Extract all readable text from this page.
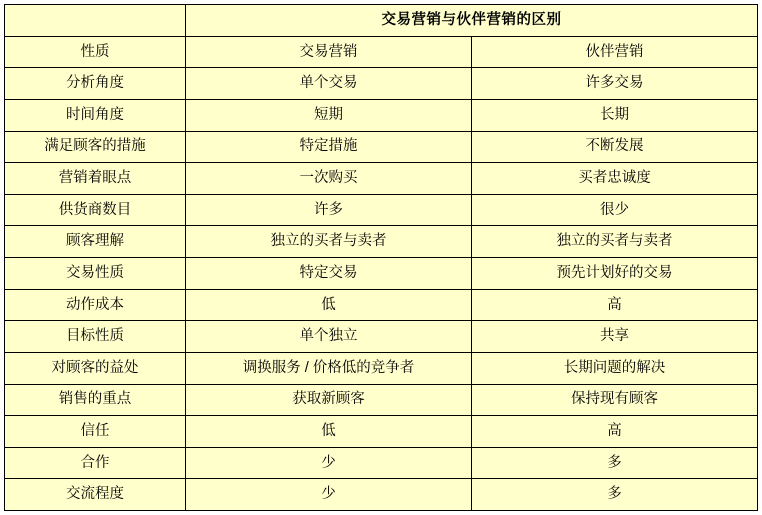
	交易营销与伙伴营销的区别	
性质	交易营销	伙伴营销
分析角度	单个交易	许多交易
时间角度	短期	长期
满足顾客的措施	特定措施	不断发展
营销着眼点	一次购买	买者忠诚度
供货商数目	许多	很少
顾客理解	独立的买者与卖者	独立的买者与卖者
交易性质	特定交易	预先计划好的交易
动作成本	低	高
目标性质	单个独立	共享
对顾客的益处	调换服务 / 价格低的竞争者	长期问题的解决
销售的重点	获取新顾客	保持现有顾客
信任	低	高
合作	少	多
交流程度	少	多
